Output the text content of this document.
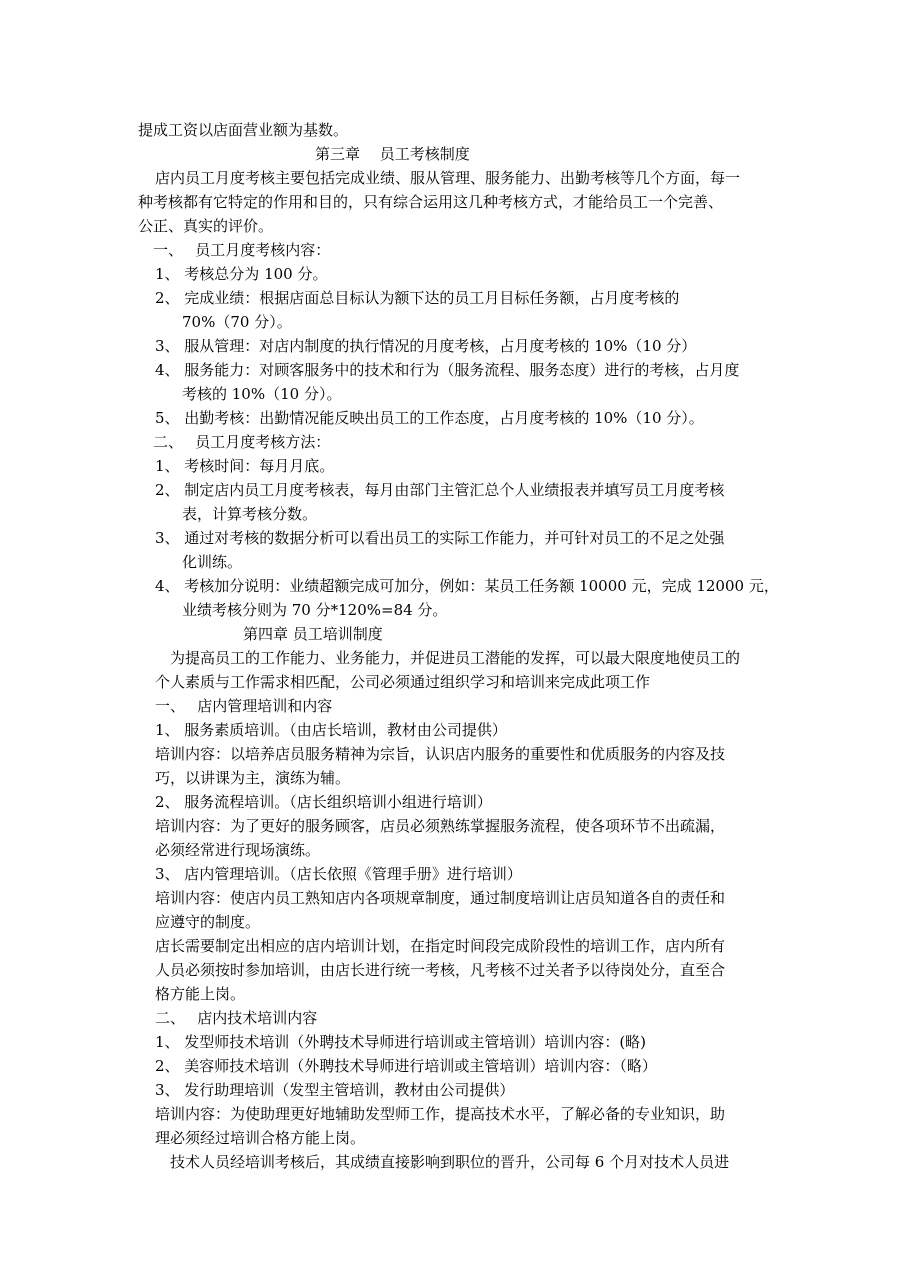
提成工资以店面营业额为基数。
第三章　 员工考核制度
店内员工月度考核主要包括完成业绩、服从管理、服务能力、出勤考核等几个方面，每一
种考核都有它特定的作用和目的，只有综合运用这几种考核方式，才能给员工一个完善、
公正、真实的评价。
一、　 员工月度考核内容：
1、 考核总分为 100 分。
2、 完成业绩：根据店面总目标认为额下达的员工月目标任务额，占月度考核的
70%（70 分）。
3、 服从管理：对店内制度的执行情况的月度考核，占月度考核的 10%（10 分）
4、 服务能力：对顾客服务中的技术和行为（服务流程、服务态度）进行的考核，占月度
考核的 10%（10 分）。
5、 出勤考核：出勤情况能反映出员工的工作态度，占月度考核的 10%（10 分）。
二、　 员工月度考核方法：
1、 考核时间：每月月底。
2、 制定店内员工月度考核表，每月由部门主管汇总个人业绩报表并填写员工月度考核
表，计算考核分数。
3、 通过对考核的数据分析可以看出员工的实际工作能力，并可针对员工的不足之处强
化训练。
4、 考核加分说明：业绩超额完成可加分，例如：某员工任务额 10000 元，完成 12000 元，
业绩考核分则为 70 分*120%=84 分。
第四章 员工培训制度
为提高员工的工作能力、业务能力，并促进员工潜能的发挥，可以最大限度地使员工的
个人素质与工作需求相匹配，公司必须通过组织学习和培训来完成此项工作
一、　 店内管理培训和内容
1、 服务素质培训。（由店长培训，教材由公司提供）
培训内容：以培养店员服务精神为宗旨，认识店内服务的重要性和优质服务的内容及技
巧，以讲课为主，演练为辅。
2、 服务流程培训。（店长组织培训小组进行培训）
培训内容：为了更好的服务顾客，店员必须熟练掌握服务流程，使各项环节不出疏漏，
必须经常进行现场演练。
3、 店内管理培训。（店长依照《管理手册》进行培训）
培训内容：使店内员工熟知店内各项规章制度，通过制度培训让店员知道各自的责任和
应遵守的制度。
店长需要制定出相应的店内培训计划，在指定时间段完成阶段性的培训工作，店内所有
人员必须按时参加培训，由店长进行统一考核，凡考核不过关者予以待岗处分，直至合
格方能上岗。
二、　 店内技术培训内容
1、 发型师技术培训（外聘技术导师进行培训或主管培训）培训内容：(略)
2、 美容师技术培训（外聘技术导师进行培训或主管培训）培训内容：（略）
3、 发行助理培训（发型主管培训，教材由公司提供）
培训内容：为使助理更好地辅助发型师工作，提高技术水平，了解必备的专业知识，助
理必须经过培训合格方能上岗。
技术人员经培训考核后，其成绩直接影响到职位的晋升，公司每 6 个月对技术人员进
